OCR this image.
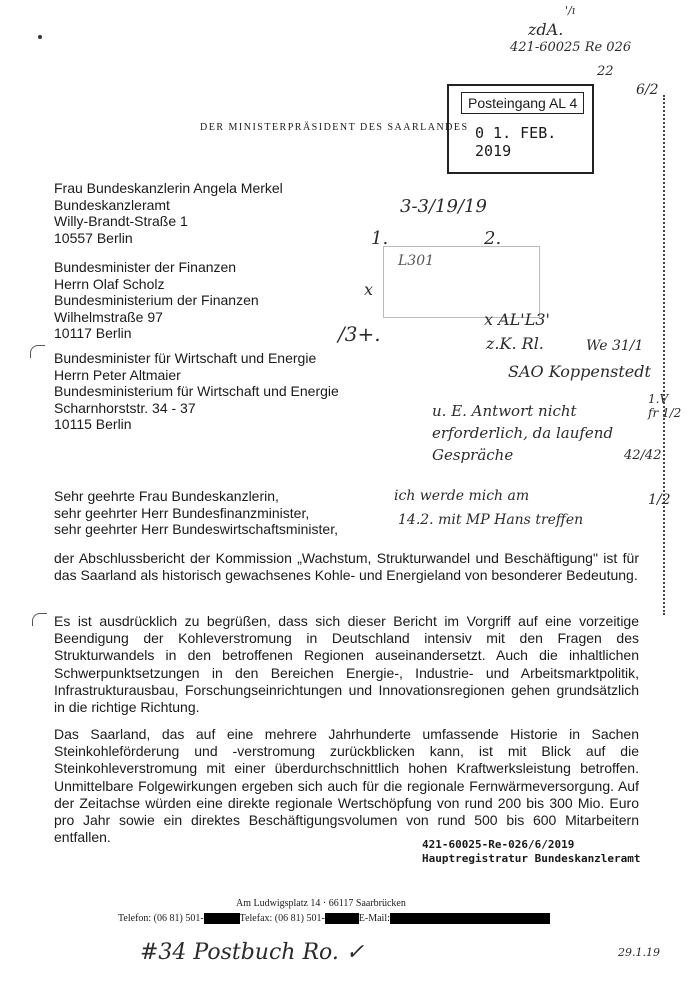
'/ı
zdA.
421-60025 Re 026
22
6/2
Posteingang AL 4
0 1. FEB. 2019
DER MINISTERPRÄSIDENT DES SAARLANDES
Frau Bundeskanzlerin Angela Merkel
Bundeskanzleramt
Willy-Brandt-Straße 1
10557 Berlin
3-3/19/19
1.	2.
L301
Bundesminister der Finanzen
Herrn Olaf Scholz
Bundesministerium der Finanzen
Wilhelmstraße 97
10117 Berlin
x
/3+.
x AL'L3'
z.K. Rl.	We 31/1
SAO Koppenstedt
Bundesminister für Wirtschaft und Energie
Herrn Peter Altmaier
Bundesministerium für Wirtschaft und Energie
Scharnhorststr. 34 - 37
10115 Berlin
u. E. Antwort nicht erforderlich, da laufend Gespräche
1.V
fr 1/2
42/42
1/2
Sehr geehrte Frau Bundeskanzlerin,
sehr geehrter Herr Bundesfinanzminister,
sehr geehrter Herr Bundeswirtschaftsminister,
ich werde mich am
14.2. mit MP Hans treffen
der Abschlussbericht der Kommission „Wachstum, Strukturwandel und Beschäftigung" ist für das Saarland als historisch gewachsenes Kohle- und Energieland von besonderer Bedeutung.
Es ist ausdrücklich zu begrüßen, dass sich dieser Bericht im Vorgriff auf eine vorzeitige Beendigung der Kohleverstromung in Deutschland intensiv mit den Fragen des Strukturwandels in den betroffenen Regionen auseinandersetzt. Auch die inhaltlichen Schwerpunktsetzungen in den Bereichen Energie-, Industrie- und Arbeitsmarktpolitik, Infrastrukturausbau, Forschungseinrichtungen und Innovationsregionen gehen grundsätzlich in die richtige Richtung.
Das Saarland, das auf eine mehrere Jahrhunderte umfassende Historie in Sachen Steinkohleförderung und -verstromung zurückblicken kann, ist mit Blick auf die Steinkohleverstromung mit einer überdurchschnittlich hohen Kraftwerksleistung betroffen. Unmittelbare Folgewirkungen ergeben sich auch für die regionale Fernwärmeversorgung. Auf der Zeitachse würden eine direkte regionale Wertschöpfung von rund 200 bis 300 Mio. Euro pro Jahr sowie ein direktes Beschäftigungsvolumen von rund 500 bis 600 Mitarbeitern entfallen.	421-60025-Re-026/6/2019
Hauptregistratur Bundeskanzleramt
Am Ludwigsplatz 14 · 66117 Saarbrücken
Telefon: (06 81) 501-	Telefax: (06 81) 501-	E-Mail:
#34 Postbuch Ro. ✓	29.1.19
